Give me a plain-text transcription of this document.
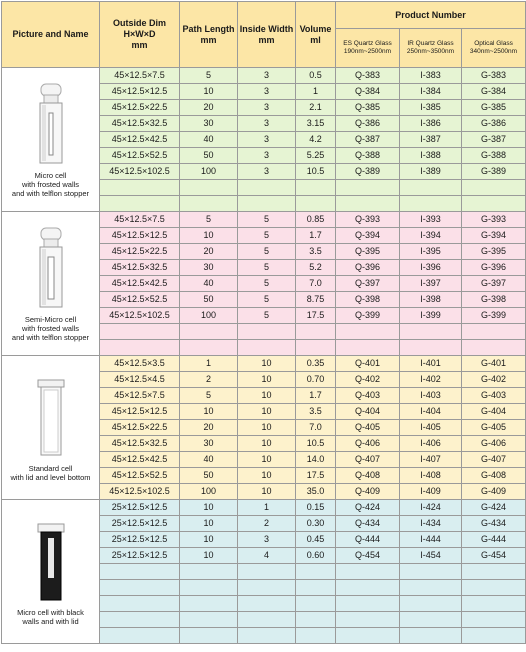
Picture and Name	Outside Dim
H×W×D
mm	Path Length
mm	Inside Width
mm	Volume
ml	Product Number		

					ES Quartz Glass
190nm~2500nm	IR Quartz Glass
250nm~3500nm	Optical Glass
340nm~2500nm

Micro cell
with frosted walls
and with telflon stopper	45×12.5×7.5	5	3	0.5	Q-383	I-383	G-383
	45×12.5×12.5	10	3	1	Q-384	I-384	G-384
	45×12.5×22.5	20	3	2.1	Q-385	I-385	G-385
	45×12.5×32.5	30	3	3.15	Q-386	I-386	G-386
	45×12.5×42.5	40	3	4.2	Q-387	I-387	G-387
	45×12.5×52.5	50	3	5.25	Q-388	I-388	G-388
	45×12.5×102.5	100	3	10.5	Q-389	I-389	G-389

Semi-Micro cell
with frosted walls
and with telflon stopper	45×12.5×7.5	5	5	0.85	Q-393	I-393	G-393
	45×12.5×12.5	10	5	1.7	Q-394	I-394	G-394
	45×12.5×22.5	20	5	3.5	Q-395	I-395	G-395
	45×12.5×32.5	30	5	5.2	Q-396	I-396	G-396
	45×12.5×42.5	40	5	7.0	Q-397	I-397	G-397
	45×12.5×52.5	50	5	8.75	Q-398	I-398	G-398
	45×12.5×102.5	100	5	17.5	Q-399	I-399	G-399

Standard cell
with lid and level bottom	45×12.5×3.5	1	10	0.35	Q-401	I-401	G-401
	45×12.5×4.5	2	10	0.70	Q-402	I-402	G-402
	45×12.5×7.5	5	10	1.7	Q-403	I-403	G-403
	45×12.5×12.5	10	10	3.5	Q-404	I-404	G-404
	45×12.5×22.5	20	10	7.0	Q-405	I-405	G-405
	45×12.5×32.5	30	10	10.5	Q-406	I-406	G-406
	45×12.5×42.5	40	10	14.0	Q-407	I-407	G-407
	45×12.5×52.5	50	10	17.5	Q-408	I-408	G-408
	45×12.5×102.5	100	10	35.0	Q-409	I-409	G-409

Micro cell with black
walls and with lid	25×12.5×12.5	10	1	0.15	Q-424	I-424	G-424
	25×12.5×12.5	10	2	0.30	Q-434	I-434	G-434
	25×12.5×12.5	10	3	0.45	Q-444	I-444	G-444
	25×12.5×12.5	10	4	0.60	Q-454	I-454	G-454
